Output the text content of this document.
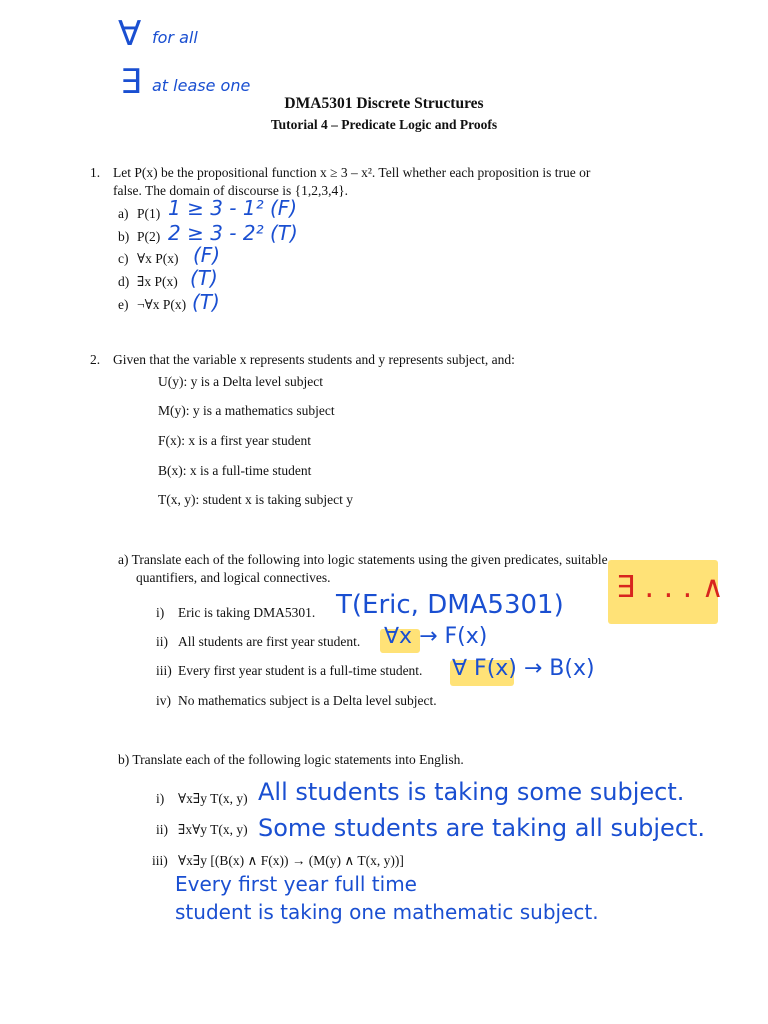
∀ for all
∃ at lease one
DMA5301 Discrete Structures
Tutorial 4 – Predicate Logic and Proofs
1. Let P(x) be the propositional function x ≥ 3 – x². Tell whether each proposition is true or
false. The domain of discourse is {1,2,3,4}.
a) P(1) 1 ≥ 3 - 1² (F)
b) P(2) 2 ≥ 3 - 2² (T)
c) ∀x P(x) (F)
d) ∃x P(x) (T)
e) ¬∀x P(x) (T)
2. Given that the variable x represents students and y represents subject, and:
U(y): y is a Delta level subject
M(y): y is a mathematics subject
F(x): x is a first year student
B(x): x is a full-time student
T(x, y): student x is taking subject y
a) Translate each of the following into logic statements using the given predicates, suitable
quantifiers, and logical connectives.	∃ . . . ∧
i) Eric is taking DMA5301. T(Eric, DMA5301)
ii) All students are first year student. ∀x → F(x)
iii) Every first year student is a full-time student. ∀ F(x) → B(x)
iv) No mathematics subject is a Delta level subject.
b) Translate each of the following logic statements into English.
i) ∀x∃y T(x, y) All students is taking some subject.
ii) ∃x∀y T(x, y) Some students are taking all subject.
iii) ∀x∃y [(B(x) ∧ F(x)) → (M(y) ∧ T(x, y))]
Every first year full time
student is taking one mathematic subject.
